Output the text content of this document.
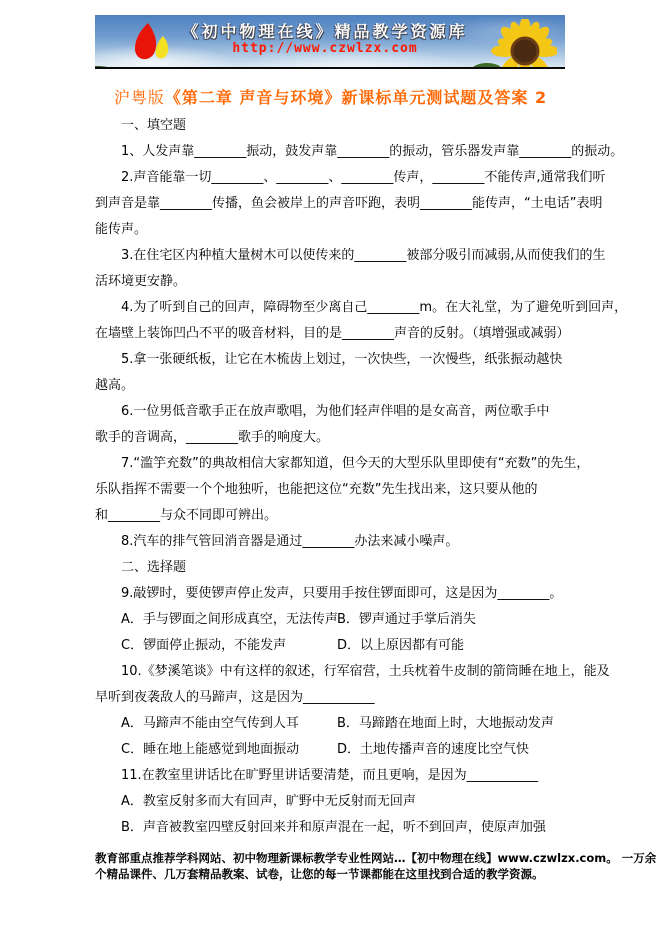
《初中物理在线》精品教学资源库
http://www.czwlzx.com
沪粤版《第二章 声音与环境》新课标单元测试题及答案 2
一、填空题
1、人发声靠________振动，鼓发声靠________的振动，管乐器发声靠________的振动。
2.声音能靠一切________、________、________传声，________不能传声,通常我们听
到声音是靠________传播，鱼会被岸上的声音吓跑，表明________能传声，“土电话”表明
能传声。
3.在住宅区内种植大量树木可以使传来的________被部分吸引而减弱,从而使我们的生
活环境更安静。
4.为了听到自己的回声，障碍物至少离自己________m。在大礼堂，为了避免听到回声，
在墙壁上装饰凹凸不平的吸音材料，目的是________声音的反射。（填增强或减弱）
5.拿一张硬纸板，让它在木梳齿上划过，一次快些，一次慢些，纸张振动越快
越高。
6.一位男低音歌手正在放声歌唱，为他们轻声伴唱的是女高音，两位歌手中
歌手的音调高，________歌手的响度大。
7.“滥竽充数”的典故相信大家都知道，但今天的大型乐队里即使有“充数”的先生，
乐队指挥不需要一个个地独听，也能把这位“充数”先生找出来，这只要从他的
和________与众不同即可辨出。
8.汽车的排气管回消音器是通过________办法来减小噪声。
二、选择题
9.敲锣时，要使锣声停止发声，只要用手按住锣面即可，这是因为________。
A．手与锣面之间形成真空，无法传声 B．锣声通过手掌后消失
C．锣面停止振动，不能发声	D．以上原因都有可能
10.《梦溪笔谈》中有这样的叙述，行军宿营，土兵枕着牛皮制的箭筒睡在地上，能及
早听到夜袭敌人的马蹄声，这是因为___________
A．马蹄声不能由空气传到人耳	B．马蹄踏在地面上时，大地振动发声
C．睡在地上能感觉到地面振动	D．土地传播声音的速度比空气快
11.在教室里讲话比在旷野里讲话要清楚，而且更响，是因为___________
A．教室反射多而大有回声，旷野中无反射而无回声
B．声音被教室四壁反射回来并和原声混在一起，听不到回声，使原声加强
教育部重点推荐学科网站、初中物理新课标教学专业性网站…【初中物理在线】www.czwlzx.com。 一万余
个精品课件、几万套精品教案、试卷，让您的每一节课都能在这里找到合适的教学资源。
